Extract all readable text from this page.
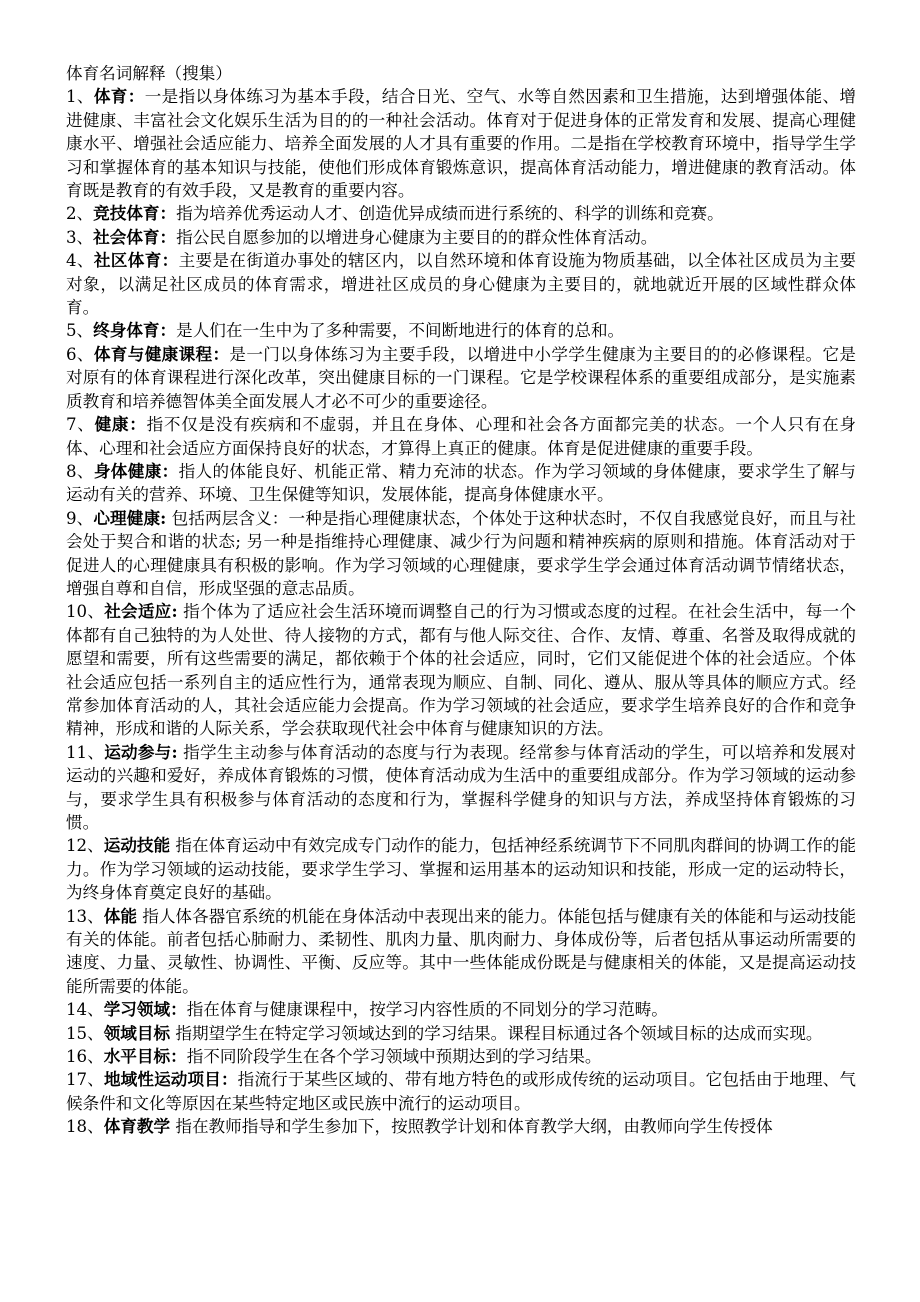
体育名词解释（搜集）

1、体育：一是指以身体练习为基本手段，结合日光、空气、水等自然因素和卫生措施，达到增强体能、增进健康、丰富社会文化娱乐生活为目的的一种社会活动。体育对于促进身体的正常发育和发展、提高心理健康水平、增强社会适应能力、培养全面发展的人才具有重要的作用。二是指在学校教育环境中，指导学生学习和掌握体育的基本知识与技能，使他们形成体育锻炼意识，提高体育活动能力，增进健康的教育活动。体育既是教育的有效手段，又是教育的重要内容。

2、竞技体育：指为培养优秀运动人才、创造优异成绩而进行系统的、科学的训练和竞赛。

3、社会体育：指公民自愿参加的以增进身心健康为主要目的的群众性体育活动。

4、社区体育：主要是在街道办事处的辖区内，以自然环境和体育设施为物质基础，以全体社区成员为主要对象，以满足社区成员的体育需求，增进社区成员的身心健康为主要目的，就地就近开展的区域性群众体育。

5、终身体育：是人们在一生中为了多种需要，不间断地进行的体育的总和。

6、体育与健康课程：是一门以身体练习为主要手段，以增进中小学学生健康为主要目的的必修课程。它是对原有的体育课程进行深化改革，突出健康目标的一门课程。它是学校课程体系的重要组成部分，是实施素质教育和培养德智体美全面发展人才必不可少的重要途径。

7、健康：指不仅是没有疾病和不虚弱，并且在身体、心理和社会各方面都完美的状态。一个人只有在身体、心理和社会适应方面保持良好的状态，才算得上真正的健康。体育是促进健康的重要手段。

8、身体健康：指人的体能良好、机能正常、精力充沛的状态。作为学习领域的身体健康，要求学生了解与运动有关的营养、环境、卫生保健等知识，发展体能，提高身体健康水平。

9、心理健康: 包括两层含义：一种是指心理健康状态，个体处于这种状态时，不仅自我感觉良好，而且与社会处于契合和谐的状态; 另一种是指维持心理健康、减少行为问题和精神疾病的原则和措施。体育活动对于促进人的心理健康具有积极的影响。作为学习领域的心理健康，要求学生学会通过体育活动调节情绪状态，增强自尊和自信，形成坚强的意志品质。

10、社会适应: 指个体为了适应社会生活环境而调整自己的行为习惯或态度的过程。在社会生活中，每一个体都有自己独特的为人处世、待人接物的方式，都有与他人际交往、合作、友情、尊重、名誉及取得成就的愿望和需要，所有这些需要的满足，都依赖于个体的社会适应，同时，它们又能促进个体的社会适应。个体社会适应包括一系列自主的适应性行为，通常表现为顺应、自制、同化、遵从、服从等具体的顺应方式。经常参加体育活动的人，其社会适应能力会提高。作为学习领域的社会适应，要求学生培养良好的合作和竞争精神，形成和谐的人际关系，学会获取现代社会中体育与健康知识的方法。

11、运动参与: 指学生主动参与体育活动的态度与行为表现。经常参与体育活动的学生，可以培养和发展对运动的兴趣和爱好，养成体育锻炼的习惯，使体育活动成为生活中的重要组成部分。作为学习领域的运动参与，要求学生具有积极参与体育活动的态度和行为，掌握科学健身的知识与方法，养成坚持体育锻炼的习惯。

12、运动技能 指在体育运动中有效完成专门动作的能力，包括神经系统调节下不同肌肉群间的协调工作的能力。作为学习领域的运动技能，要求学生学习、掌握和运用基本的运动知识和技能，形成一定的运动特长，为终身体育奠定良好的基础。

13、体能 指人体各器官系统的机能在身体活动中表现出来的能力。体能包括与健康有关的体能和与运动技能有关的体能。前者包括心肺耐力、柔韧性、肌肉力量、肌肉耐力、身体成份等，后者包括从事运动所需要的速度、力量、灵敏性、协调性、平衡、反应等。其中一些体能成份既是与健康相关的体能，又是提高运动技能所需要的体能。

14、学习领域：指在体育与健康课程中，按学习内容性质的不同划分的学习范畴。

15、领域目标 指期望学生在特定学习领域达到的学习结果。课程目标通过各个领域目标的达成而实现。

16、水平目标：指不同阶段学生在各个学习领域中预期达到的学习结果。

17、地域性运动项目：指流行于某些区域的、带有地方特色的或形成传统的运动项目。它包括由于地理、气候条件和文化等原因在某些特定地区或民族中流行的运动项目。

18、体育教学 指在教师指导和学生参加下，按照教学计划和体育教学大纲，由教师向学生传授体
